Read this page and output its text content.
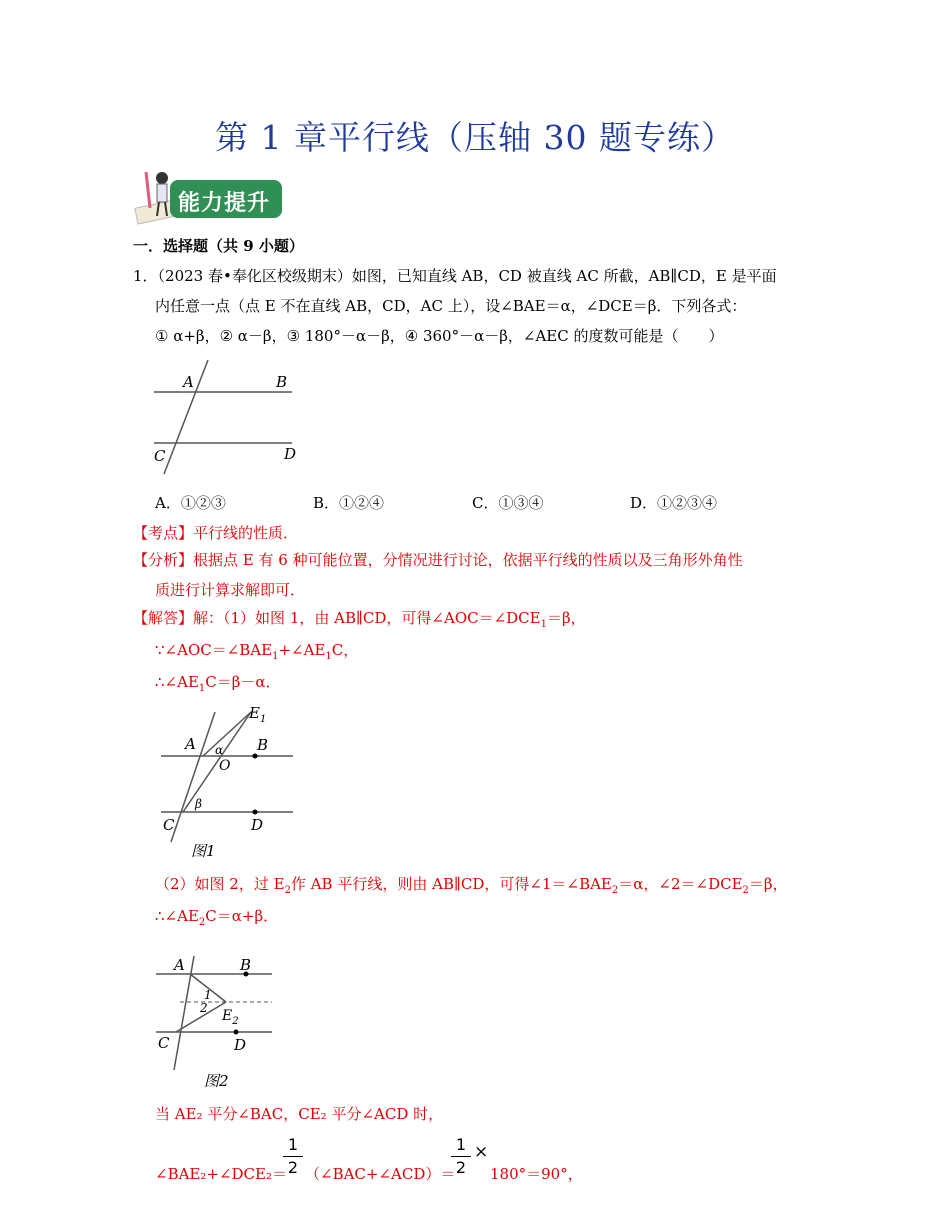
第 1 章平行线（压轴 30 题专练）
能力提升
一．选择题（共 9 小题）
1．（2023 春•奉化区校级期末）如图，已知直线 AB，CD 被直线 AC 所截，AB∥CD，E 是平面
内任意一点（点 E 不在直线 AB，CD，AC 上），设∠BAE＝α，∠DCE＝β．下列各式：
① α+β，② α－β，③ 180°－α－β，④ 360°－α－β，∠AEC 的度数可能是（　　）
A	B
C	D
A．①②③	B．①②④	C．①③④	D．①②③④
【考点】平行线的性质．
【分析】根据点 E 有 6 种可能位置，分情况进行讨论，依据平行线的性质以及三角形外角性
质进行计算求解即可．
【解答】解：（1）如图 1，由 AB∥CD，可得$\angle AOC=\angle DCE_1=\beta$，
$\because\angle AOC=\angle BAE_1+\angle AE_1C$，
$\therefore\angle AE_1C=\beta-\alpha$．
$E_1$
A	B
O
α
β
C	D
图1
（2）如图 2，过 $E_2$作 AB 平行线，则由 AB∥CD，可得$\angle 1=\angle BAE_2=\alpha$，$\angle 2=\angle DCE_2=\beta$，
$\therefore\angle AE_2C=\alpha+\beta$．
A	B
1
2 $E_2$
C	D
图2
当 AE₂ 平分∠BAC，CE₂ 平分∠ACD 时，
∠BAE₂+∠DCE₂＝
1
2 （∠BAC+∠ACD）＝
1
2
×
180°＝90°，
